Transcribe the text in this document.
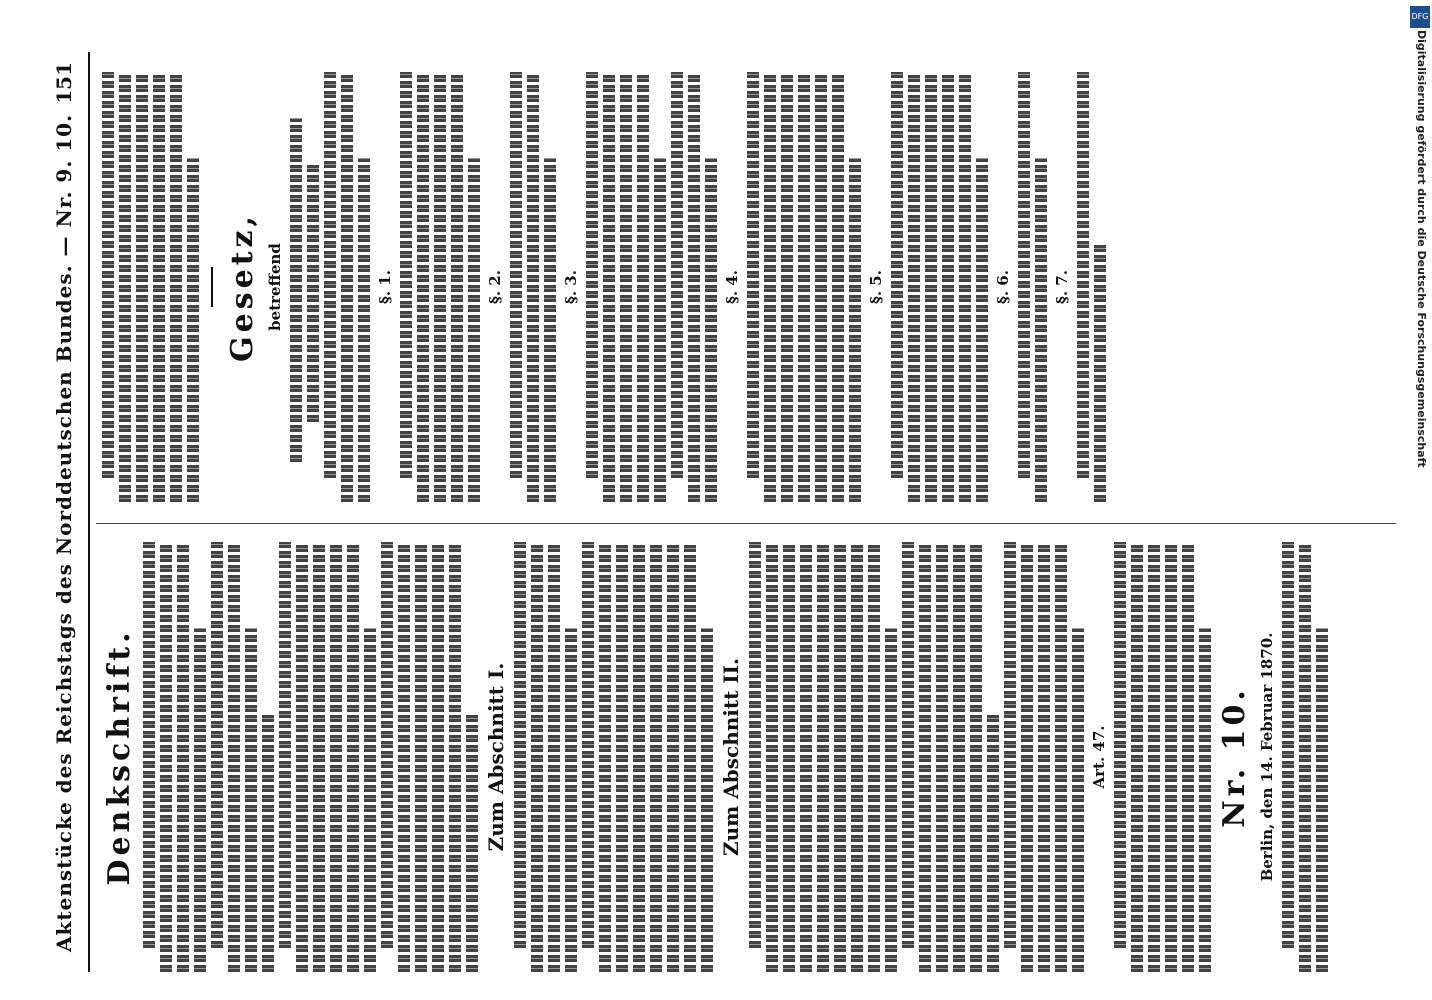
Aktenstücke des Reichstags des Norddeutschen Bundes. — Nr. 9. 10.
151
Denkschrift.	Zum Abschnitt I.	Zum Abschnitt II.	Art. 47.	Nr. 10. Berlin, den 14. Februar 1870.
Gesetz, betreffend	§. 1.	§. 2.	§. 3.	§. 4.	§. 5.	§. 6.	§. 7.	Digitalisierung gefördert durch die Deutsche Forschungsgemeinschaft
DFG
